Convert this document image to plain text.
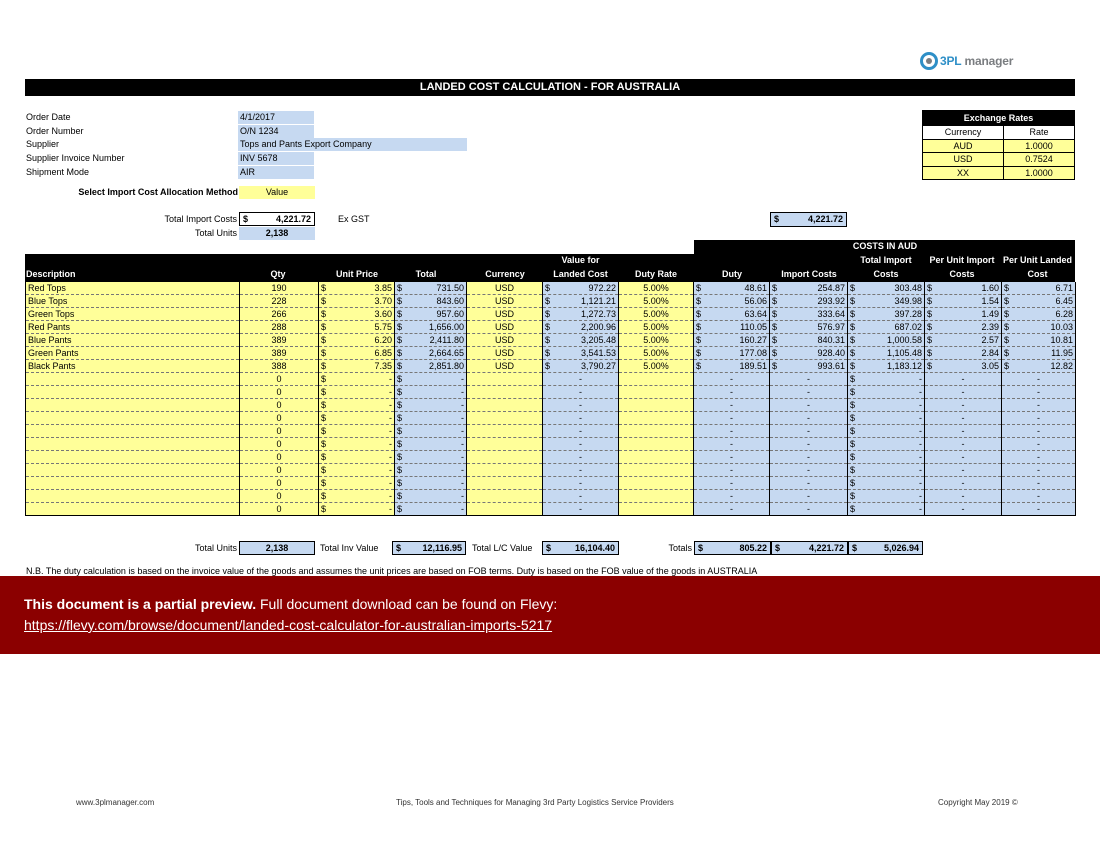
3PL manager
LANDED COST CALCULATION - FOR AUSTRALIA
Order Date	4/1/2017
Order Number	O/N 1234
Supplier	Tops and Pants Export Company
Supplier Invoice Number	INV 5678
Shipment Mode	AIR
Select Import Cost Allocation Method	Value
Total Import Costs $	4,221.72	Ex GST
Total Units	2,138
$	4,221.72
Exchange Rates	
Currency	Rate
AUD	1.0000
USD	0.7524
XX	1.0000
COSTS IN AUD
Description	Qty	Unit Price	Total	Currency
Value for
Landed Cost	Duty Rate	Duty	Import Costs
Total Import
Costs
Per Unit Import
Costs
Per Unit Landed
Cost
Red Tops	190	$ 3.85	$ 731.50	USD	$ 972.22	5.00%	$ 48.61	$ 254.87	$ 303.48	$ 1.60	$ 6.71

Blue Tops	228	$ 3.70	$ 843.60	USD	$ 1,121.21	5.00%	$ 56.06	$ 293.92	$ 349.98	$ 1.54	$ 6.45

Green Tops	266	$ 3.60	$ 957.60	USD	$ 1,272.73	5.00%	$ 63.64	$ 333.64	$ 397.28	$ 1.49	$ 6.28

Red Pants	288	$ 5.75	$ 1,656.00	USD	$ 2,200.96	5.00%	$ 110.05	$ 576.97	$ 687.02	$ 2.39	$ 10.03

Blue Pants	389	$ 6.20	$ 2,411.80	USD	$ 3,205.48	5.00%	$ 160.27	$ 840.31	$ 1,000.58	$ 2.57	$ 10.81

Green Pants	389	$ 6.85	$ 2,664.65	USD	$ 3,541.53	5.00%	$ 177.08	$ 928.40	$ 1,105.48	$ 2.84	$ 11.95

Black Pants	388	$ 7.35	$ 2,851.80	USD	$ 3,790.27	5.00%	$ 189.51	$ 993.61	$ 1,183.12	$ 3.05	$ 12.82

	0	$ -	$ -		-		-	-	$ -	-	-
	0	$ -	$ -		-		-	-	$ -	-	-
	0	$ -	$ -		-		-	-	$ -	-	-
	0	$ -	$ -		-		-	-	$ -	-	-
	0	$ -	$ -		-		-	-	$ -	-	-
	0	$ -	$ -		-		-	-	$ -	-	-
	0	$ -	$ -		-		-	-	$ -	-	-
	0	$ -	$ -		-		-	-	$ -	-	-
	0	$ -	$ -		-		-	-	$ -	-	-
	0	$ -	$ -		-		-	-	$ -	-	-
	0	$ -	$ -		-		-	-	$ -	-	-
Total Units	2,138	Total Inv Value $ 12,116.95 Total L/C Value $	16,104.40	Totals $	805.22 $	4,221.72 $	5,026.94
N.B. The duty calculation is based on the invoice value of the goods and assumes the unit prices are based on FOB terms. Duty is based on the FOB value of the goods in AUSTRALIA
This document is a partial preview. Full document download can be found on Flevy:
https://flevy.com/browse/document/landed-cost-calculator-for-australian-imports-5217
www.3plmanager.com	Tips, Tools and Techniques for Managing 3rd Party Logistics Service Providers	Copyright May 2019 ©
